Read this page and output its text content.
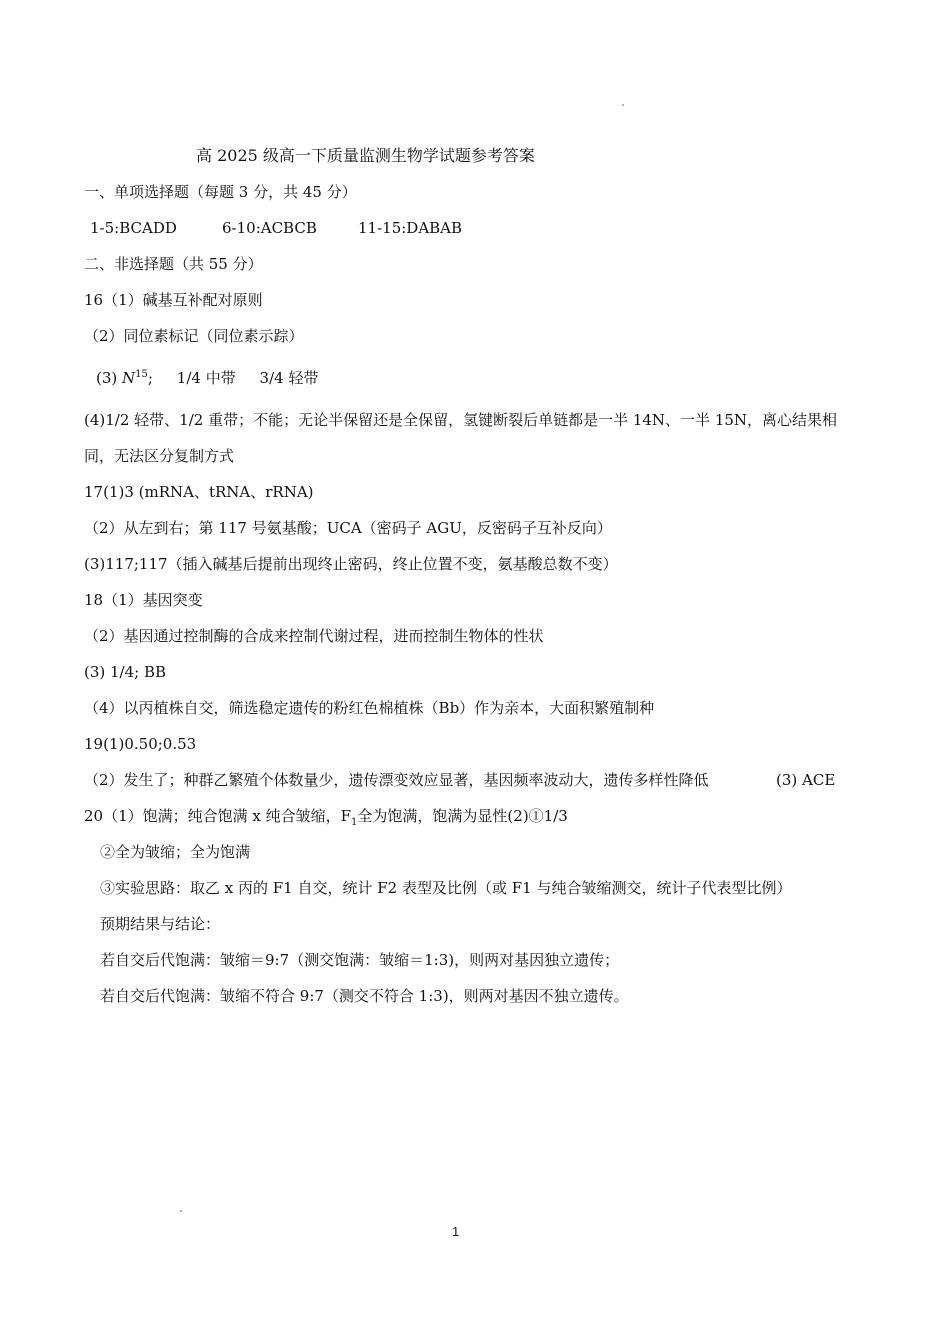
高 2025 级高一下质量监测生物学试题参考答案
一、单项选择题（每题 3 分，共 45 分）
1-5:BCADD	6-10:ACBCB	11-15:DABAB
二、非选择题（共 55 分）
16（1）碱基互补配对原则
（2）同位素标记（同位素示踪）
(3) $N^{15}$;     1/4 中带     3/4 轻带
(4)1/2 轻带、1/2 重带；不能；无论半保留还是全保留，氢键断裂后单链都是一半 14N、一半 15N，离心结果相同，无法区分复制方式
17(1)3 (mRNA、tRNA、rRNA)
（2）从左到右；第 117 号氨基酸；UCA（密码子 AGU，反密码子互补反向）
(3)117;117（插入碱基后提前出现终止密码，终止位置不变，氨基酸总数不变）
18（1）基因突变
（2）基因通过控制酶的合成来控制代谢过程，进而控制生物体的性状
(3) 1/4; BB
（4）以丙植株自交，筛选稳定遗传的粉红色棉植株（Bb）作为亲本，大面积繁殖制种
19(1)0.50;0.53
（2）发生了；种群乙繁殖个体数量少，遗传漂变效应显著，基因频率波动大，遗传多样性降低	(3) ACE
20（1）饱满；纯合饱满 x 纯合皱缩，$F_1$全为饱满，饱满为显性(2)①1/3
②全为皱缩；全为饱满
③实验思路：取乙 x 丙的 F1 自交，统计 F2 表型及比例（或 F1 与纯合皱缩测交，统计子代表型比例）
预期结果与结论：
若自交后代饱满：皱缩＝9:7（测交饱满：皱缩＝1:3)，则两对基因独立遗传；
若自交后代饱满：皱缩不符合 9:7（测交不符合 1:3)，则两对基因不独立遗传。
1
